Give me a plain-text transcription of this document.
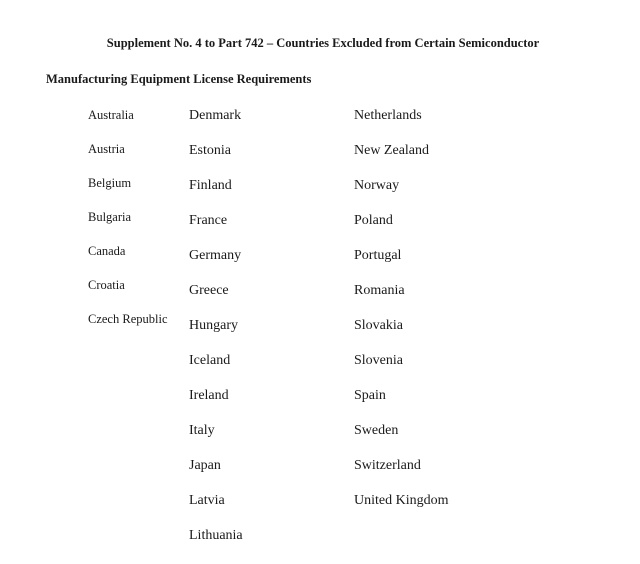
Supplement No. 4 to Part 742 – Countries Excluded from Certain Semiconductor
Manufacturing Equipment License Requirements
Australia
Austria
Belgium
Bulgaria
Canada
Croatia
Czech Republic
Denmark
Estonia
Finland
France
Germany
Greece
Hungary
Iceland
Ireland
Italy
Japan
Latvia
Lithuania
Netherlands
New Zealand
Norway
Poland
Portugal
Romania
Slovakia
Slovenia
Spain
Sweden
Switzerland
United Kingdom
